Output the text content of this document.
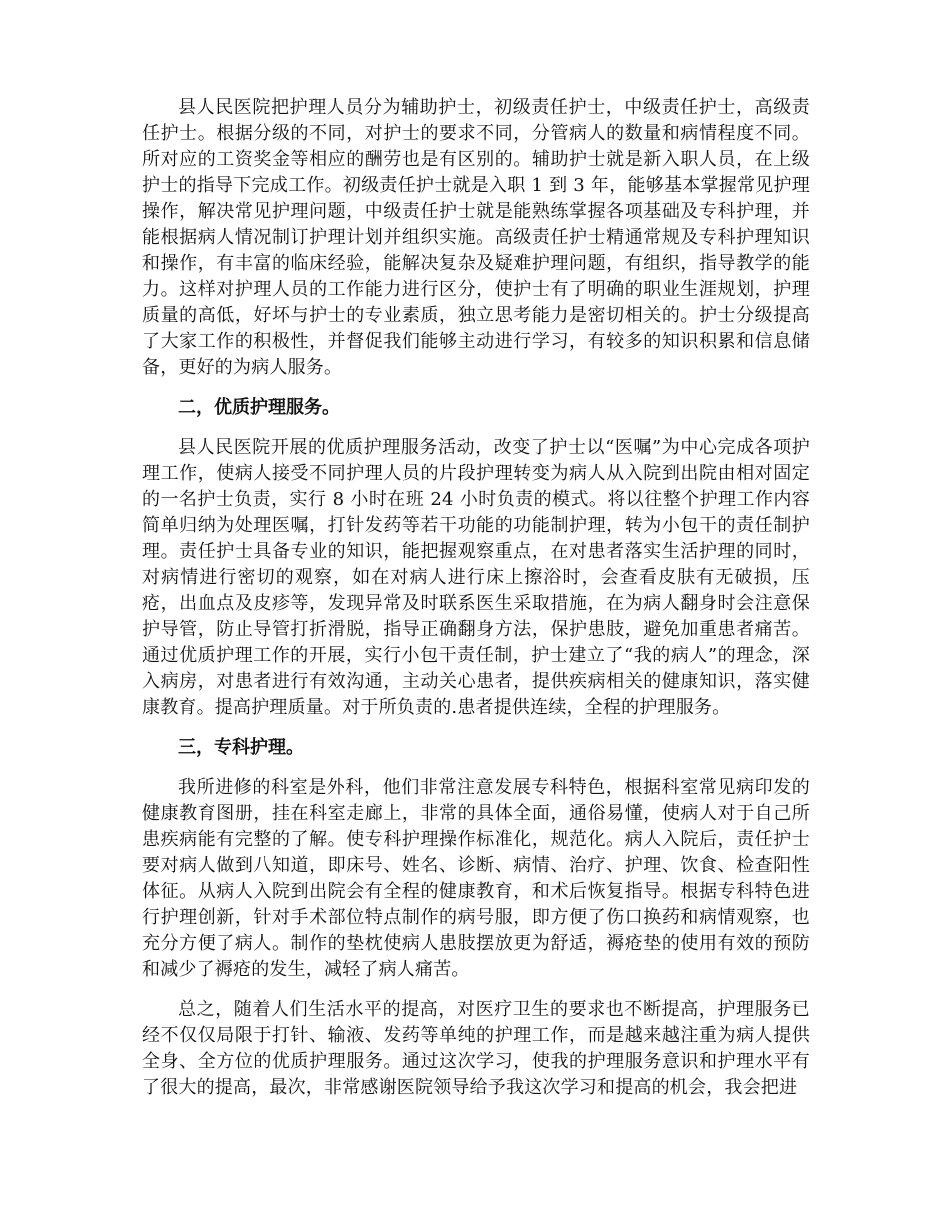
县人民医院把护理人员分为辅助护士，初级责任护士，中级责任护士，高级责任护士。根据分级的不同，对护士的要求不同，分管病人的数量和病情程度不同。所对应的工资奖金等相应的酬劳也是有区别的。辅助护士就是新入职人员，在上级护士的指导下完成工作。初级责任护士就是入职 1 到 3 年，能够基本掌握常见护理操作，解决常见护理问题，中级责任护士就是能熟练掌握各项基础及专科护理，并能根据病人情况制订护理计划并组织实施。高级责任护士精通常规及专科护理知识和操作，有丰富的临床经验，能解决复杂及疑难护理问题，有组织，指导教学的能力。这样对护理人员的工作能力进行区分，使护士有了明确的职业生涯规划，护理质量的高低，好坏与护士的专业素质，独立思考能力是密切相关的。护士分级提高了大家工作的积极性，并督促我们能够主动进行学习，有较多的知识积累和信息储备，更好的为病人服务。

二，优质护理服务。

县人民医院开展的优质护理服务活动，改变了护士以“医嘱”为中心完成各项护理工作，使病人接受不同护理人员的片段护理转变为病人从入院到出院由相对固定的一名护士负责，实行 8 小时在班 24 小时负责的模式。将以往整个护理工作内容简单归纳为处理医嘱，打针发药等若干功能的功能制护理，转为小包干的责任制护理。责任护士具备专业的知识，能把握观察重点，在对患者落实生活护理的同时，对病情进行密切的观察，如在对病人进行床上擦浴时，会查看皮肤有无破损，压疮，出血点及皮疹等，发现异常及时联系医生采取措施，在为病人翻身时会注意保护导管，防止导管打折滑脱，指导正确翻身方法，保护患肢，避免加重患者痛苦。通过优质护理工作的开展，实行小包干责任制，护士建立了“我的病人”的理念，深入病房，对患者进行有效沟通，主动关心患者，提供疾病相关的健康知识，落实健康教育。提高护理质量。对于所负责的.患者提供连续，全程的护理服务。

三，专科护理。

我所进修的科室是外科，他们非常注意发展专科特色，根据科室常见病印发的健康教育图册，挂在科室走廊上，非常的具体全面，通俗易懂，使病人对于自己所患疾病能有完整的了解。使专科护理操作标准化，规范化。病人入院后，责任护士要对病人做到八知道，即床号、姓名、诊断、病情、治疗、护理、饮食、检查阳性体征。从病人入院到出院会有全程的健康教育，和术后恢复指导。根据专科特色进行护理创新，针对手术部位特点制作的病号服，即方便了伤口换药和病情观察，也充分方便了病人。制作的垫枕使病人患肢摆放更为舒适，褥疮垫的使用有效的预防和减少了褥疮的发生，减轻了病人痛苦。

总之，随着人们生活水平的提高，对医疗卫生的要求也不断提高，护理服务已经不仅仅局限于打针、输液、发药等单纯的护理工作，而是越来越注重为病人提供全身、全方位的优质护理服务。通过这次学习，使我的护理服务意识和护理水平有了很大的提高，最次，非常感谢医院领导给予我这次学习和提高的机会，我会把进
